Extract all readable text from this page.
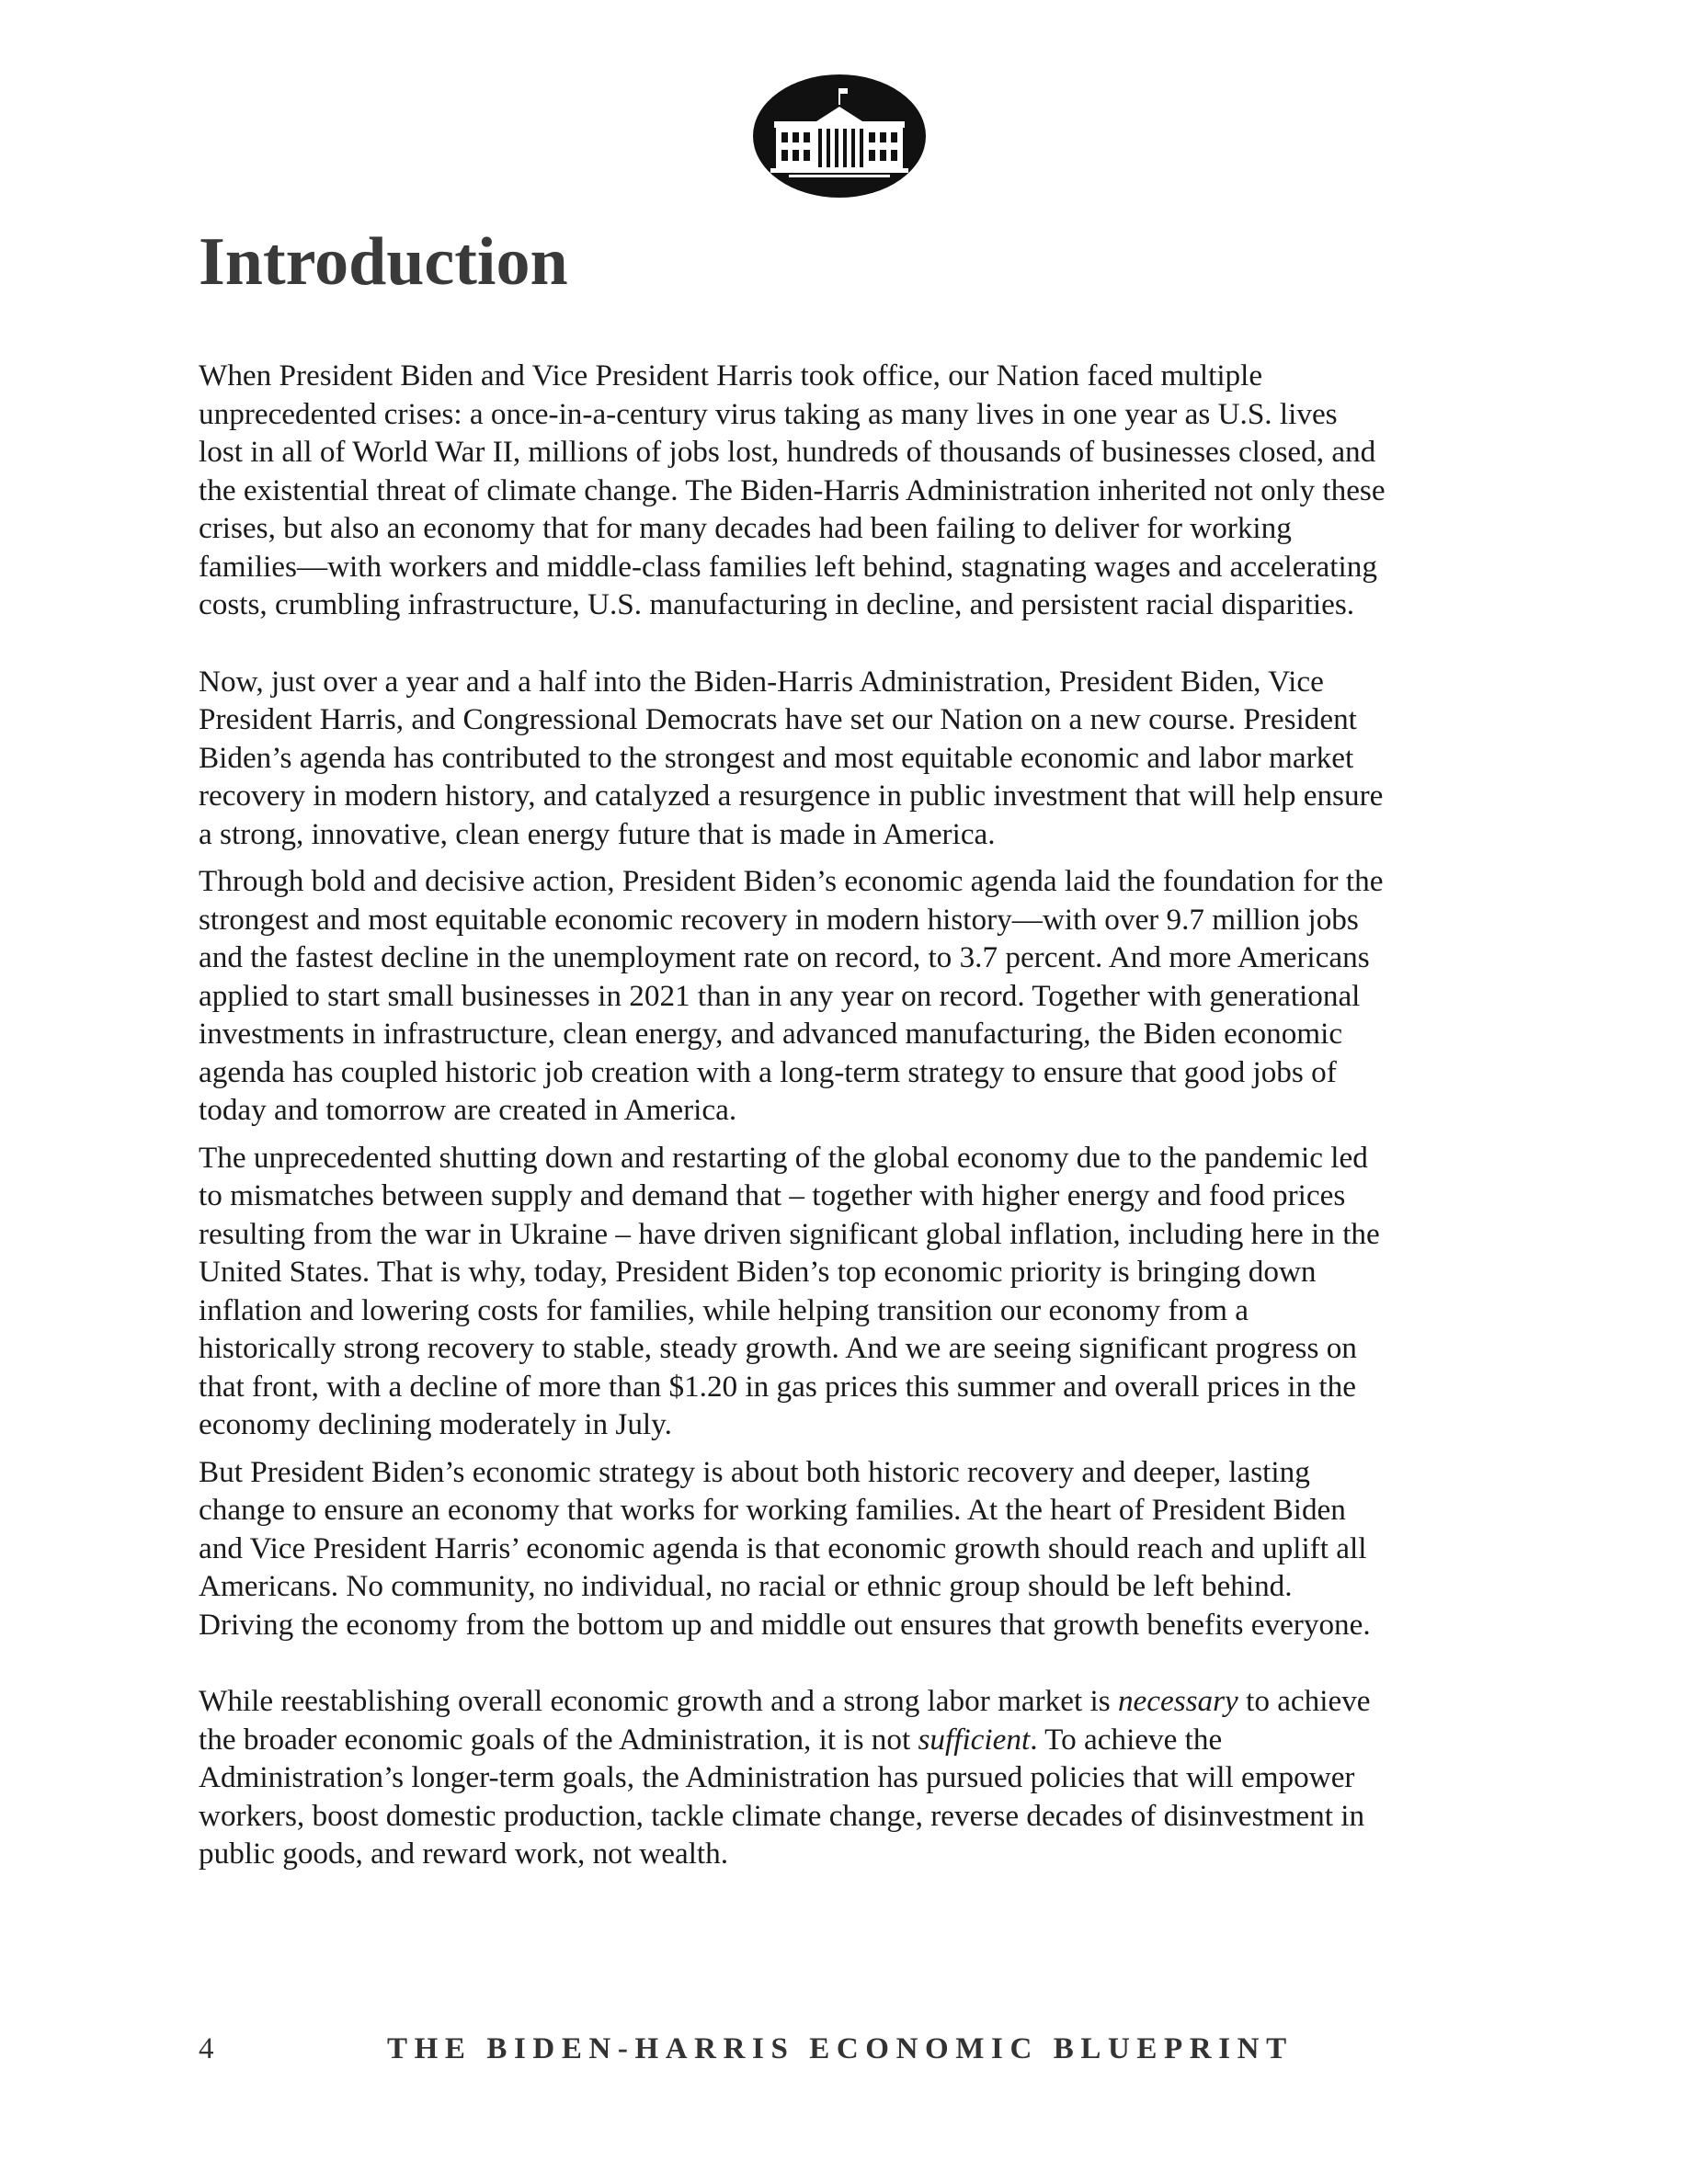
Introduction

When President Biden and Vice President Harris took office, our Nation faced multiple
unprecedented crises: a once-in-a-century virus taking as many lives in one year as U.S. lives
lost in all of World War II, millions of jobs lost, hundreds of thousands of businesses closed, and
the existential threat of climate change. The Biden-Harris Administration inherited not only these
crises, but also an economy that for many decades had been failing to deliver for working
families—with workers and middle-class families left behind, stagnating wages and accelerating
costs, crumbling infrastructure, U.S. manufacturing in decline, and persistent racial disparities.

Now, just over a year and a half into the Biden-Harris Administration, President Biden, Vice
President Harris, and Congressional Democrats have set our Nation on a new course. President
Biden’s agenda has contributed to the strongest and most equitable economic and labor market
recovery in modern history, and catalyzed a resurgence in public investment that will help ensure
a strong, innovative, clean energy future that is made in America.

Through bold and decisive action, President Biden’s economic agenda laid the foundation for the
strongest and most equitable economic recovery in modern history—with over 9.7 million jobs
and the fastest decline in the unemployment rate on record, to 3.7 percent. And more Americans
applied to start small businesses in 2021 than in any year on record. Together with generational
investments in infrastructure, clean energy, and advanced manufacturing, the Biden economic
agenda has coupled historic job creation with a long-term strategy to ensure that good jobs of
today and tomorrow are created in America.

The unprecedented shutting down and restarting of the global economy due to the pandemic led
to mismatches between supply and demand that – together with higher energy and food prices
resulting from the war in Ukraine – have driven significant global inflation, including here in the
United States. That is why, today, President Biden’s top economic priority is bringing down
inflation and lowering costs for families, while helping transition our economy from a
historically strong recovery to stable, steady growth. And we are seeing significant progress on
that front, with a decline of more than $1.20 in gas prices this summer and overall prices in the
economy declining moderately in July.

But President Biden’s economic strategy is about both historic recovery and deeper, lasting
change to ensure an economy that works for working families. At the heart of President Biden
and Vice President Harris’ economic agenda is that economic growth should reach and uplift all
Americans. No community, no individual, no racial or ethnic group should be left behind.
Driving the economy from the bottom up and middle out ensures that growth benefits everyone.

While reestablishing overall economic growth and a strong labor market is necessary to achieve
the broader economic goals of the Administration, it is not sufficient. To achieve the
Administration’s longer-term goals, the Administration has pursued policies that will empower
workers, boost domestic production, tackle climate change, reverse decades of disinvestment in
public goods, and reward work, not wealth.

4	THE BIDEN-HARRIS ECONOMIC BLUEPRINT
